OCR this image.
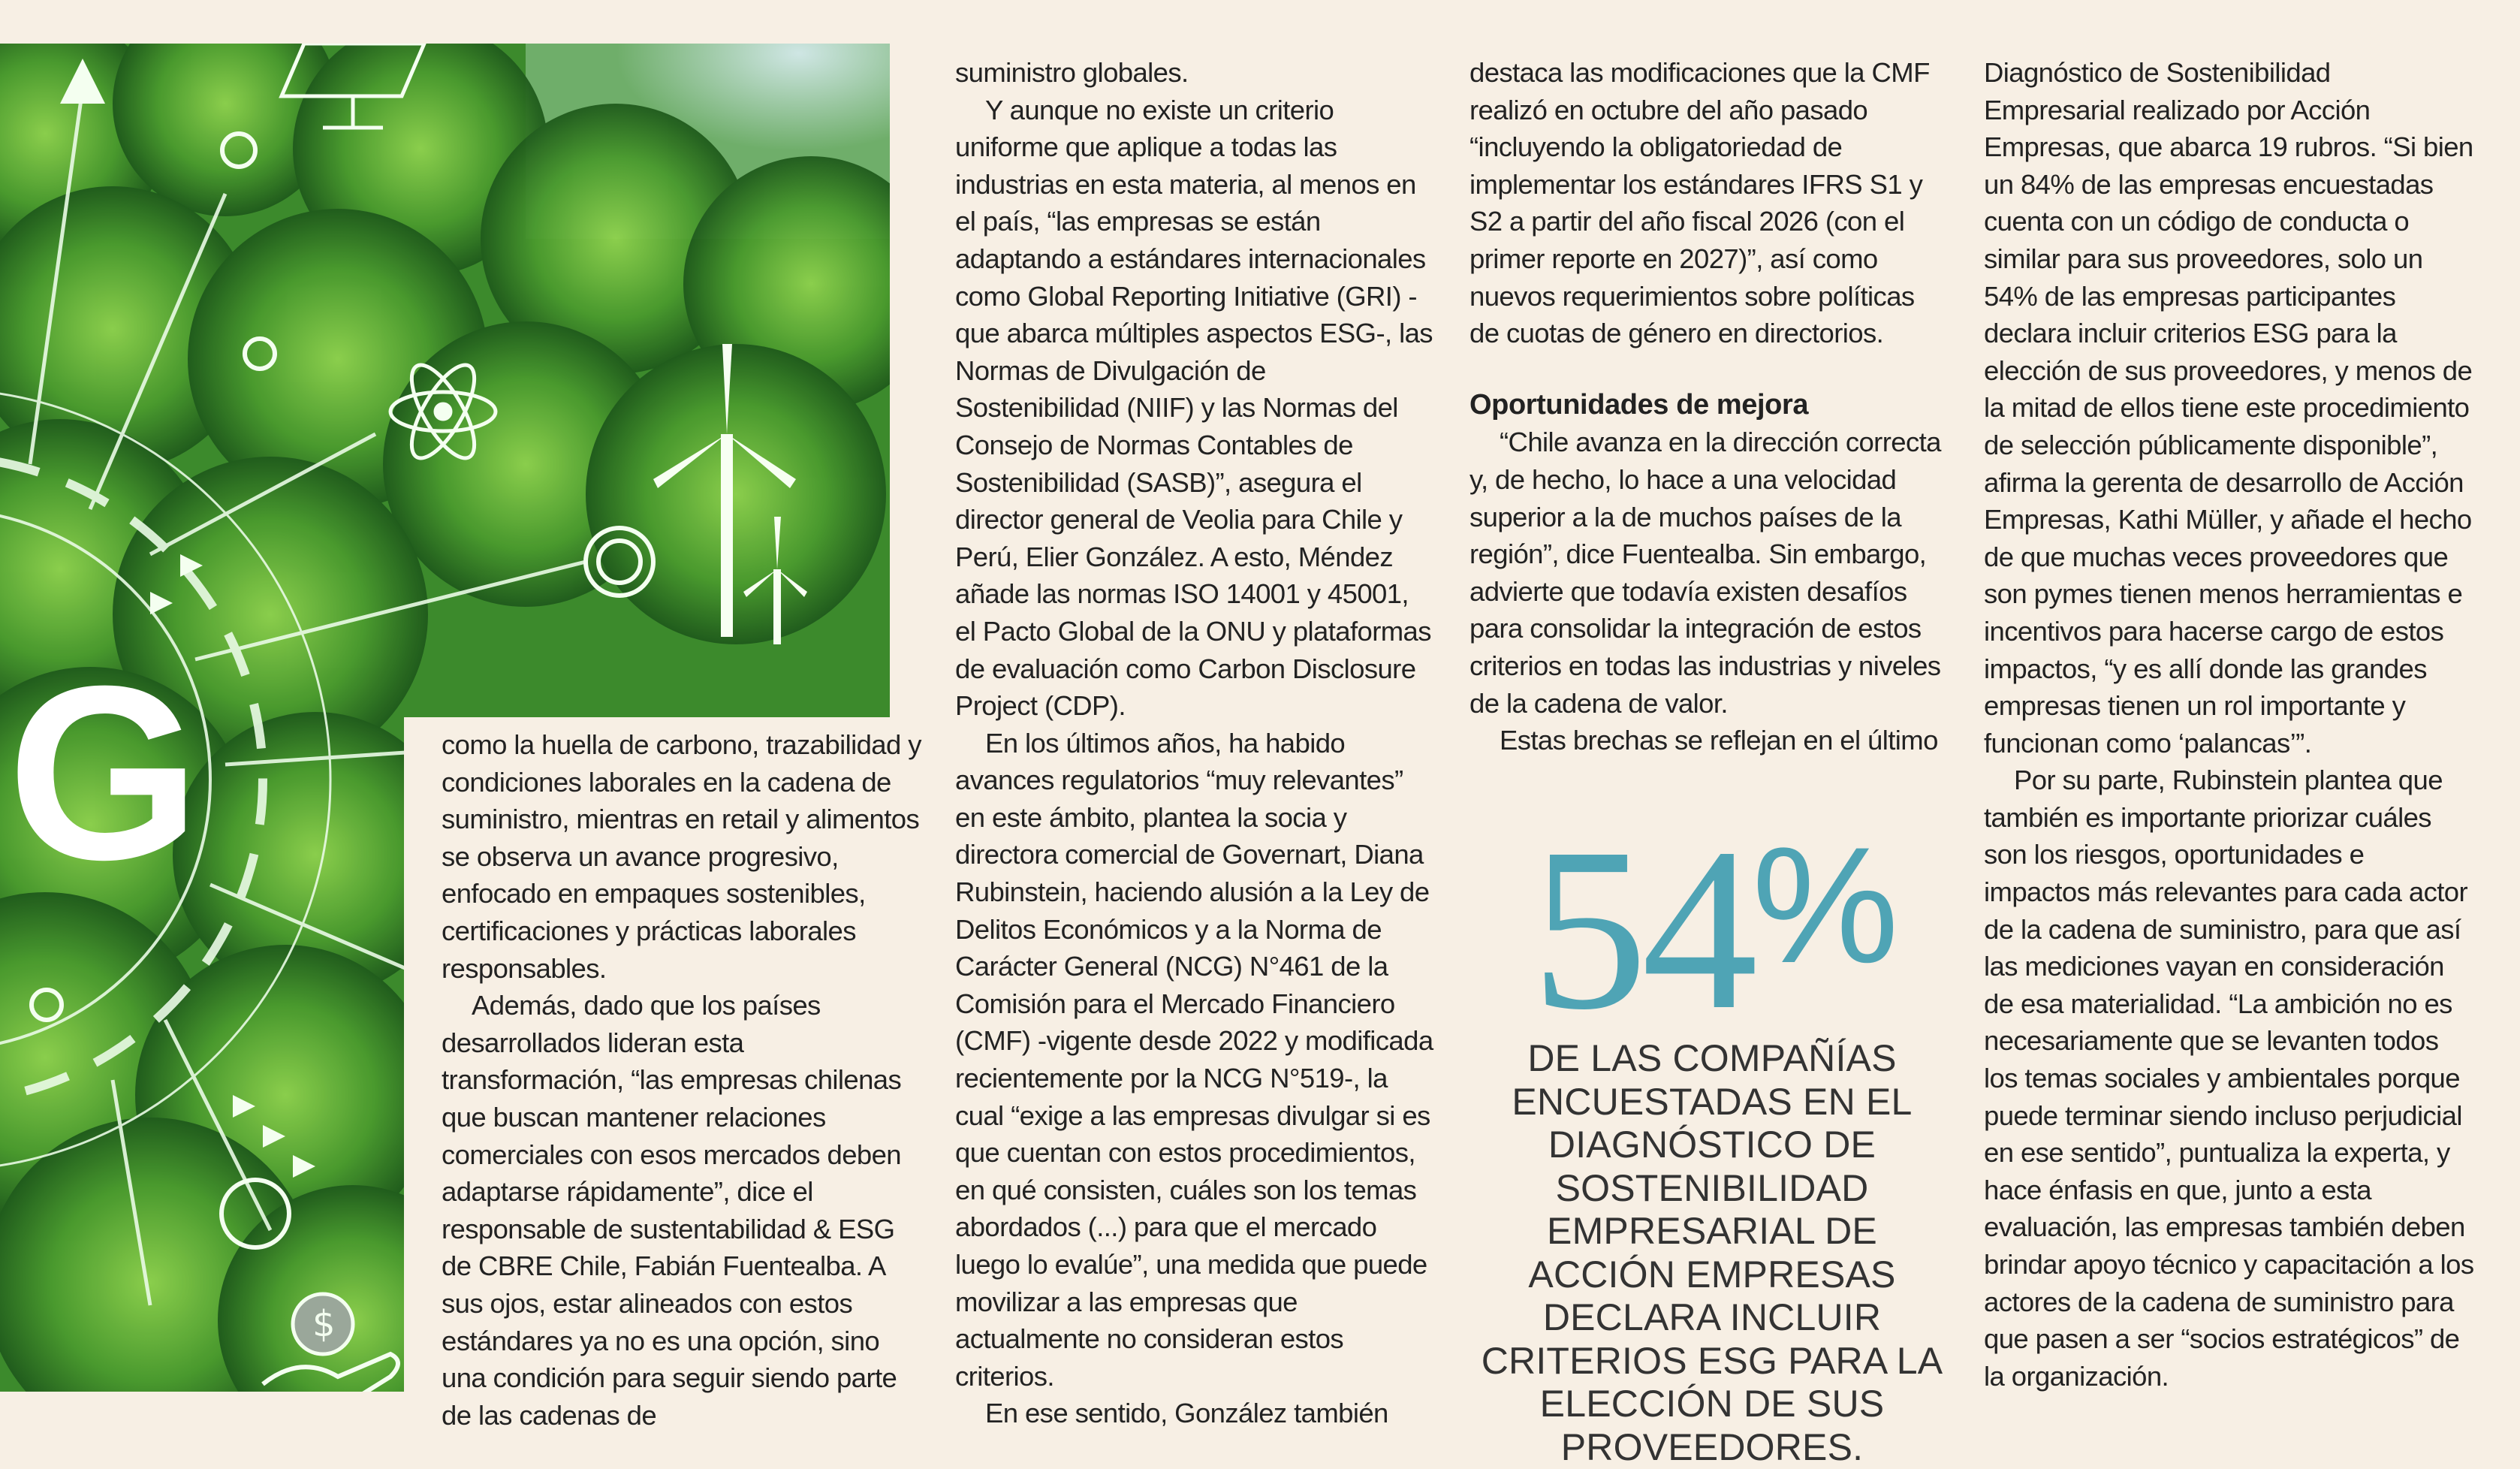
$
G	como la huella de carbono, trazabilidad y condiciones laborales en la cadena de suministro, mientras en retail y alimentos se observa un avance progresivo, enfocado en empaques sostenibles, certificaciones y prácticas laborales responsables.

Además, dado que los países desarrollados lideran esta transformación, “las empresas chilenas que buscan mantener relaciones comerciales con esos mercados deben adaptarse rápidamente”, dice el responsable de sustentabilidad & ESG de CBRE Chile, Fabián Fuentealba. A sus ojos, estar alineados con estos estándares ya no es una opción, sino una condición para seguir siendo parte de las cadenas de

suministro globales.

Y aunque no existe un criterio uniforme que aplique a todas las industrias en esta materia, al menos en el país, “las empresas se están adaptando a estándares internacionales como Global Reporting Initiative (GRI) -que abarca múltiples aspectos ESG-, las Normas de Divulgación de Sostenibilidad (NIIF) y las Normas del Consejo de Normas Contables de Sostenibilidad (SASB)”, asegura el director general de Veolia para Chile y Perú, Elier González. A esto, Méndez añade las normas ISO 14001 y 45001, el Pacto Global de la ONU y plataformas de evaluación como Carbon Disclosure Project (CDP).

En los últimos años, ha habido avances regulatorios “muy relevantes” en este ámbito, plantea la socia y directora comercial de Governart, Diana Rubinstein, haciendo alusión a la Ley de Delitos Económicos y a la Norma de Carácter General (NCG) N°461 de la Comisión para el Mercado Financiero (CMF) -vigente desde 2022 y modificada recientemente por la NCG N°519-, la cual “exige a las empresas divulgar si es que cuentan con estos procedimientos, en qué consisten, cuáles son los temas abordados (...) para que el mercado luego lo evalúe”, una medida que puede movilizar a las empresas que actualmente no consideran estos criterios.

En ese sentido, González también

destaca las modificaciones que la CMF realizó en octubre del año pasado “incluyendo la obligatoriedad de implementar los estándares IFRS S1 y S2 a partir del año fiscal 2026 (con el primer reporte en 2027)”, así como nuevos requerimientos sobre políticas de cuotas de género en directorios.

Oportunidades de mejora

“Chile avanza en la dirección correcta y, de hecho, lo hace a una velocidad superior a la de muchos países de la región”, dice Fuentealba. Sin embargo, advierte que todavía existen desafíos para consolidar la integración de estos criterios en todas las industrias y niveles de la cadena de valor.

Estas brechas se reflejan en el último

54%
DE LAS COMPAÑÍAS ENCUESTADAS EN EL DIAGNÓSTICO DE SOSTENIBILIDAD EMPRESARIAL DE ACCIÓN EMPRESAS DECLARA INCLUIR CRITERIOS ESG PARA LA ELECCIÓN DE SUS PROVEEDORES.

Diagnóstico de Sostenibilidad Empresarial realizado por Acción Empresas, que abarca 19 rubros. “Si bien un 84% de las empresas encuestadas cuenta con un código de conducta o similar para sus proveedores, solo un 54% de las empresas participantes declara incluir criterios ESG para la elección de sus proveedores, y menos de la mitad de ellos tiene este procedimiento de selección públicamente disponible”, afirma la gerenta de desarrollo de Acción Empresas, Kathi Müller, y añade el hecho de que muchas veces proveedores que son pymes tienen menos herramientas e incentivos para hacerse cargo de estos impactos, “y es allí donde las grandes empresas tienen un rol importante y funcionan como ‘palancas’”.

Por su parte, Rubinstein plantea que también es importante priorizar cuáles son los riesgos, oportunidades e impactos más relevantes para cada actor de la cadena de suministro, para que así las mediciones vayan en consideración de esa materialidad. “La ambición no es necesariamente que se levanten todos los temas sociales y ambientales porque puede terminar siendo incluso perjudicial en ese sentido”, puntualiza la experta, y hace énfasis en que, junto a esta evaluación, las empresas también deben brindar apoyo técnico y capacitación a los actores de la cadena de suministro para que pasen a ser “socios estratégicos” de la organización.
